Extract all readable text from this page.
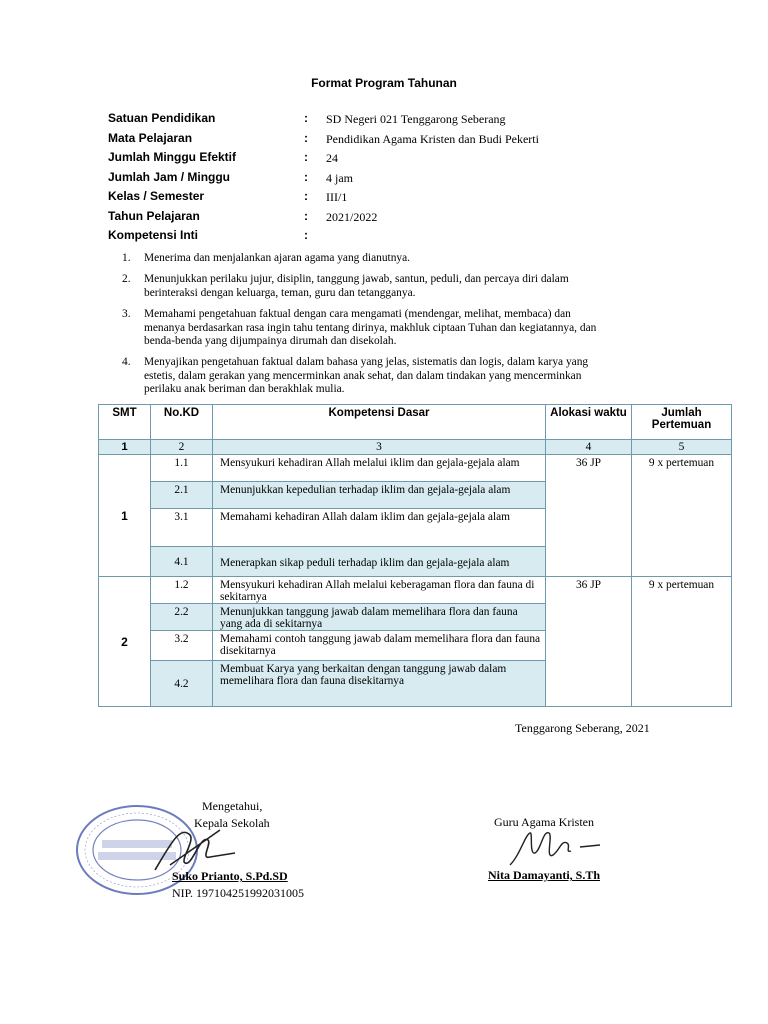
Format Program Tahunan
Satuan Pendidikan	: SD Negeri 021 Tenggarong Seberang
Mata Pelajaran	: Pendidikan Agama Kristen dan Budi Pekerti
Jumlah Minggu Efektif	: 24
Jumlah Jam / Minggu	: 4 jam
Kelas / Semester	: III/1
Tahun Pelajaran	: 2021/2022
Kompetensi Inti	:
1. Menerima dan menjalankan ajaran agama yang dianutnya.
2. Menunjukkan perilaku jujur, disiplin, tanggung jawab, santun, peduli, dan percaya diri dalam berinteraksi dengan keluarga, teman, guru dan tetangganya.
3. Memahami pengetahuan faktual dengan cara mengamati (mendengar, melihat, membaca) dan menanya berdasarkan rasa ingin tahu tentang dirinya, makhluk ciptaan Tuhan dan kegiatannya, dan benda-benda yang dijumpainya dirumah dan disekolah.
4. Menyajikan pengetahuan faktual dalam bahasa yang jelas, sistematis dan logis, dalam karya yang estetis, dalam gerakan yang mencerminkan anak sehat, dan dalam tindakan yang mencerminkan perilaku anak beriman dan berakhlak mulia.
SMT	No.KD	Kompetensi Dasar	Alokasi waktu	Jumlah Pertemuan
1	2	3	4	5
1	1.1	Mensyukuri kehadiran Allah melalui iklim dan gejala-gejala alam	36 JP	9 x pertemuan
	2.1	Menunjukkan kepedulian terhadap iklim dan gejala-gejala alam		
	3.1	Memahami kehadiran Allah dalam iklim dan gejala-gejala alam		
	4.1	Menerapkan sikap peduli terhadap iklim dan gejala-gejala alam		
2	1.2	Mensyukuri kehadiran Allah melalui keberagaman flora dan fauna di sekitarnya	36 JP	9 x pertemuan
	2.2	Menunjukkan tanggung jawab dalam memelihara flora dan fauna yang ada di sekitarnya		
	3.2	Memahami contoh tanggung jawab dalam memelihara flora dan fauna disekitarnya		
	4.2	Membuat Karya yang berkaitan dengan tanggung jawab dalam memelihara flora dan fauna disekitarnya		
Tenggarong Seberang, 2021
Mengetahui,
Kepala Sekolah
Suko Prianto, S.Pd.SD
NIP. 197104251992031005
Guru Agama Kristen
Nita Damayanti, S.Th
